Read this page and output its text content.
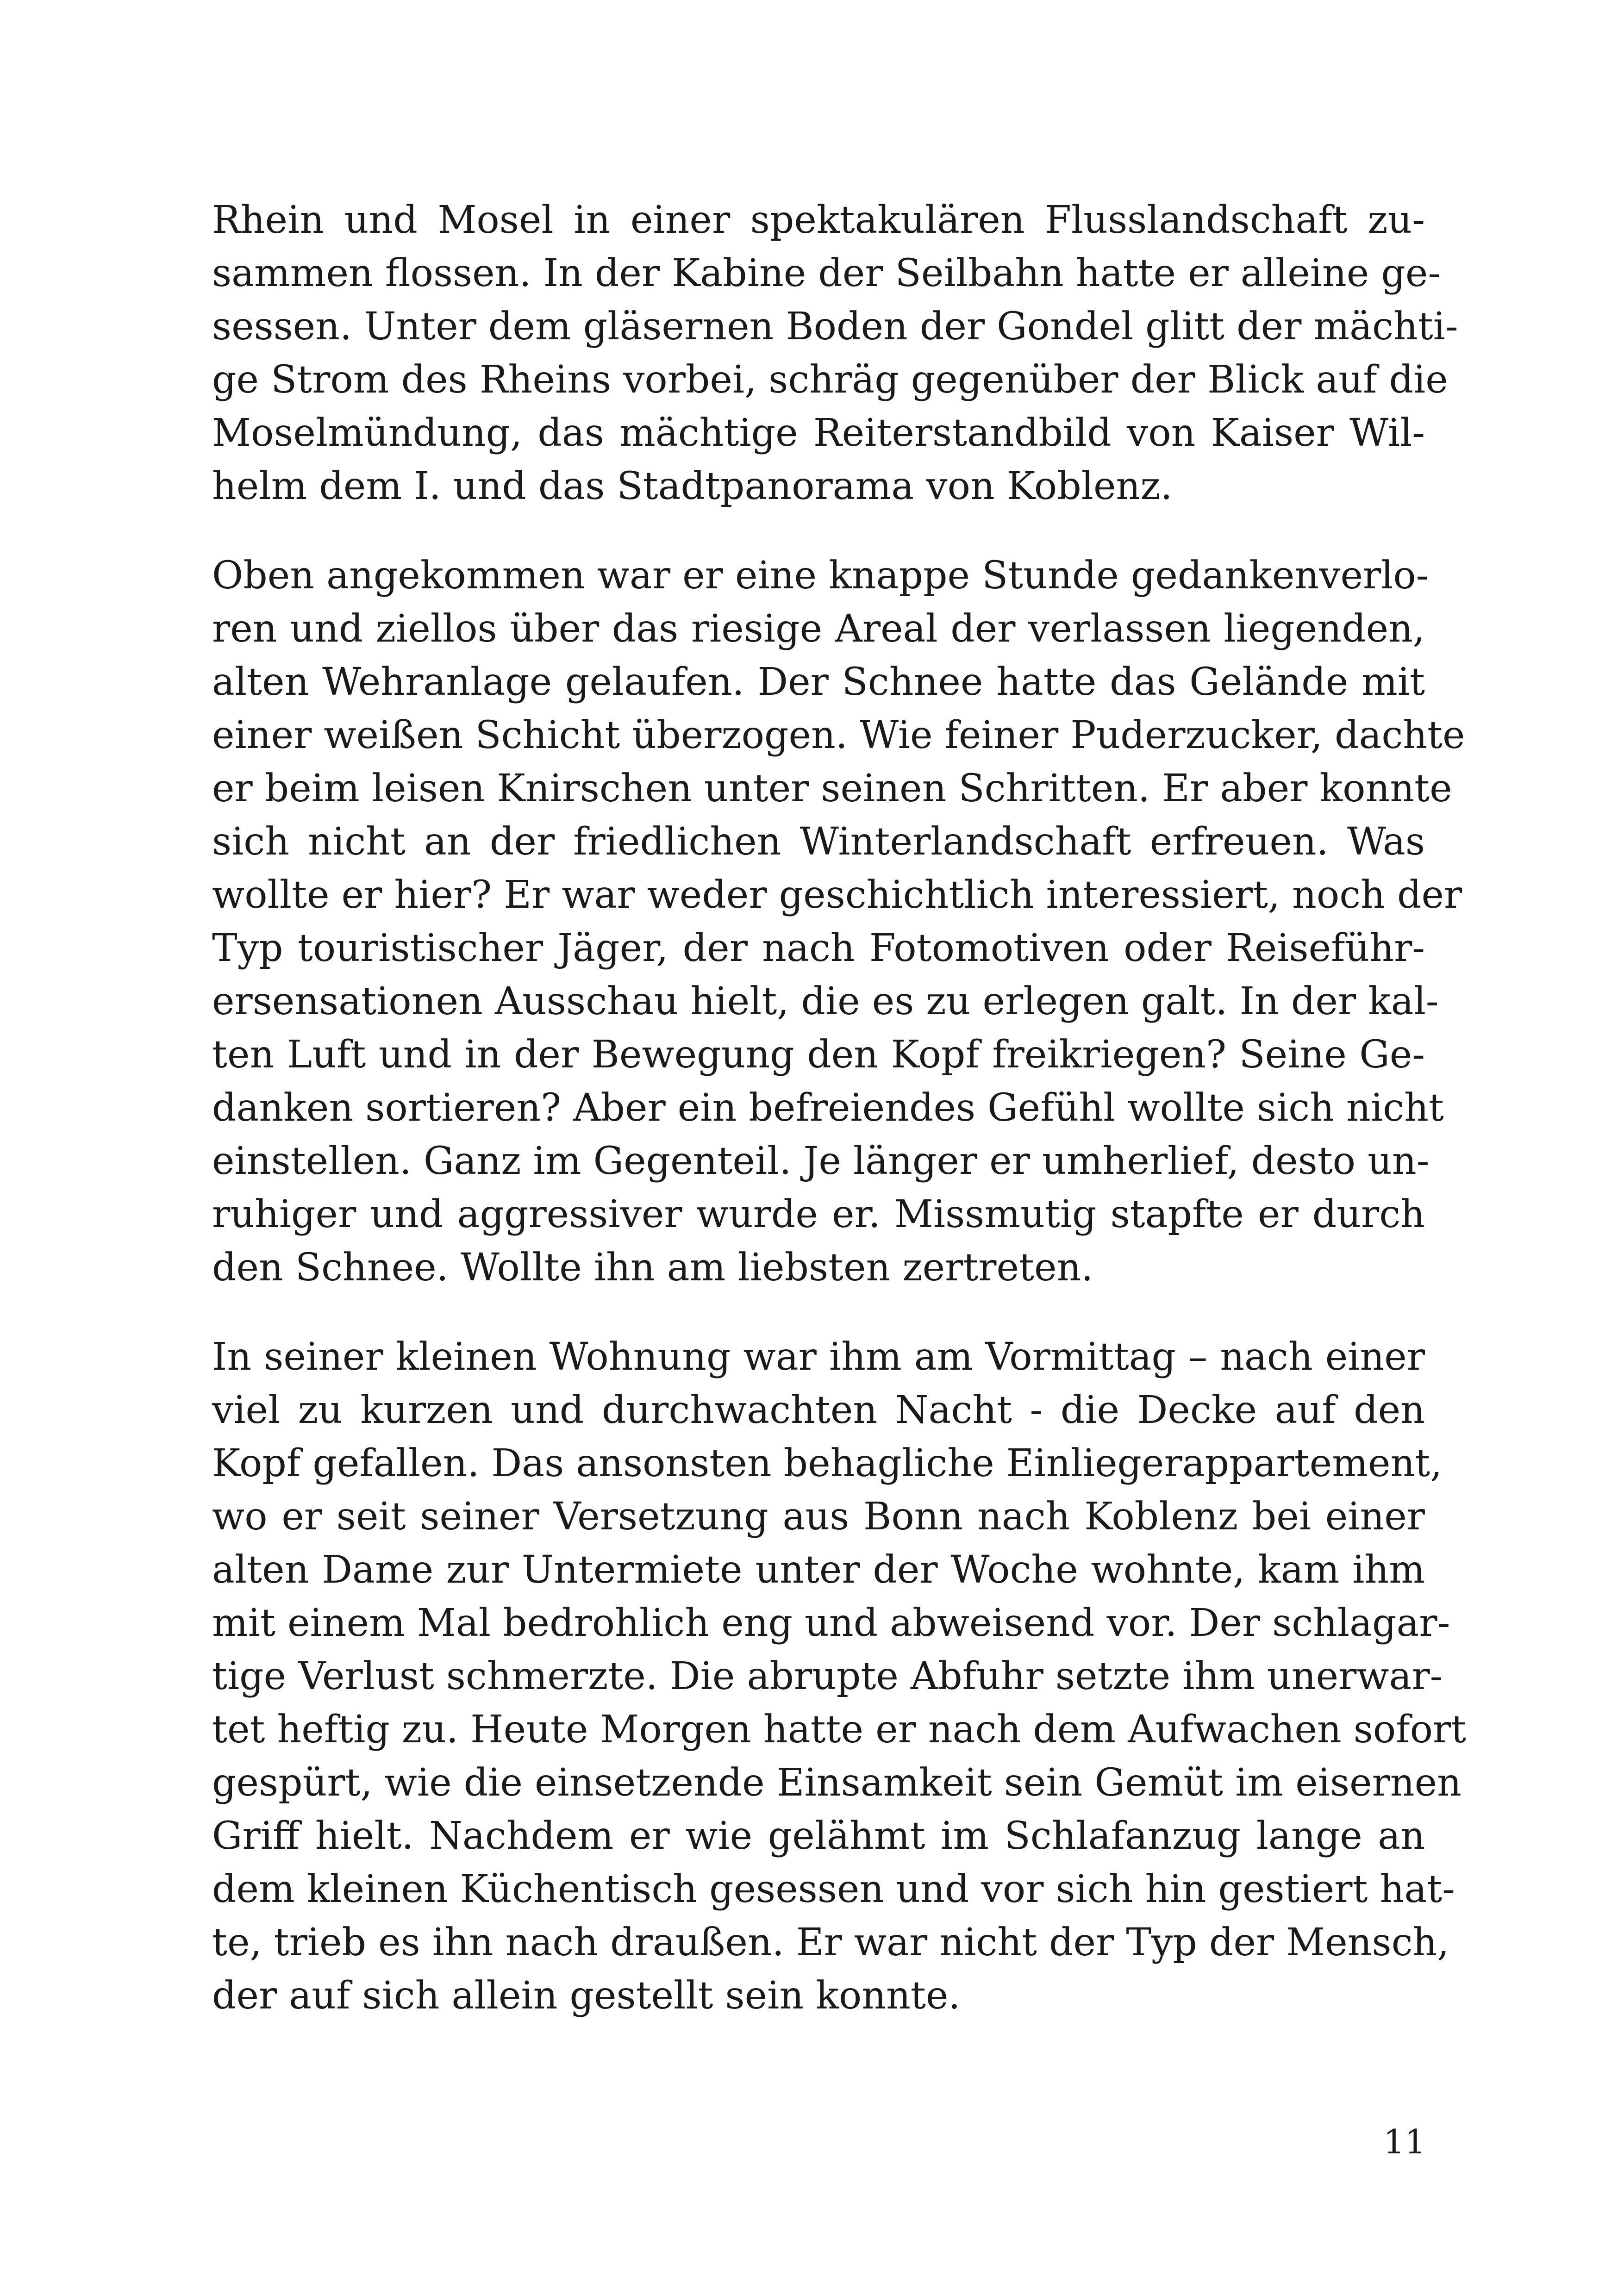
Rhein und Mosel in einer spektakulären Flusslandschaft zu-
sammen flossen. In der Kabine der Seilbahn hatte er alleine ge-
sessen. Unter dem gläsernen Boden der Gondel glitt der mächti-
ge Strom des Rheins vorbei, schräg gegenüber der Blick auf die
Moselmündung, das mächtige Reiterstandbild von Kaiser Wil-
helm dem I. und das Stadtpanorama von Koblenz.
Oben angekommen war er eine knappe Stunde gedankenverlo-
ren und ziellos über das riesige Areal der verlassen liegenden,
alten Wehranlage gelaufen. Der Schnee hatte das Gelände mit
einer weißen Schicht überzogen. Wie feiner Puderzucker, dachte
er beim leisen Knirschen unter seinen Schritten. Er aber konnte
sich nicht an der friedlichen Winterlandschaft erfreuen. Was
wollte er hier? Er war weder geschichtlich interessiert, noch der
Typ touristischer Jäger, der nach Fotomotiven oder Reiseführ-
ersensationen Ausschau hielt, die es zu erlegen galt. In der kal-
ten Luft und in der Bewegung den Kopf freikriegen? Seine Ge-
danken sortieren? Aber ein befreiendes Gefühl wollte sich nicht
einstellen. Ganz im Gegenteil. Je länger er umherlief, desto un-
ruhiger und aggressiver wurde er. Missmutig stapfte er durch
den Schnee. Wollte ihn am liebsten zertreten.
In seiner kleinen Wohnung war ihm am Vormittag – nach einer
viel zu kurzen und durchwachten Nacht - die Decke auf den
Kopf gefallen. Das ansonsten behagliche Einliegerappartement,
wo er seit seiner Versetzung aus Bonn nach Koblenz bei einer
alten Dame zur Untermiete unter der Woche wohnte, kam ihm
mit einem Mal bedrohlich eng und abweisend vor. Der schlagar-
tige Verlust schmerzte. Die abrupte Abfuhr setzte ihm unerwar-
tet heftig zu. Heute Morgen hatte er nach dem Aufwachen sofort
gespürt, wie die einsetzende Einsamkeit sein Gemüt im eisernen
Griff hielt. Nachdem er wie gelähmt im Schlafanzug lange an
dem kleinen Küchentisch gesessen und vor sich hin gestiert hat-
te, trieb es ihn nach draußen. Er war nicht der Typ der Mensch,
der auf sich allein gestellt sein konnte.
11
